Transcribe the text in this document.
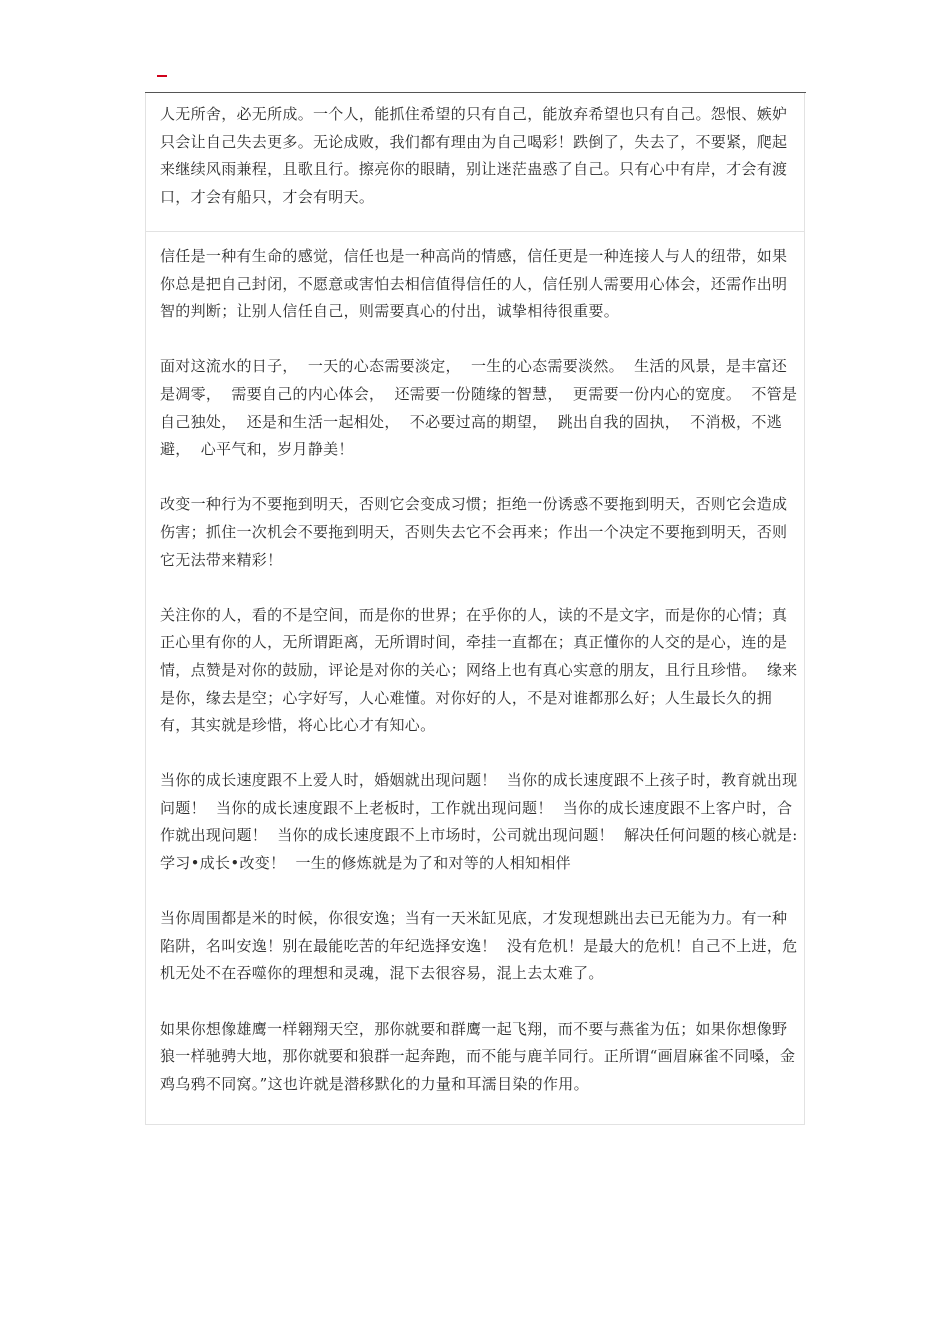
人无所舍，必无所成。一个人，能抓住希望的只有自己，能放弃希望也只有自己。怨恨、嫉妒只会让自己失去更多。无论成败，我们都有理由为自己喝彩！跌倒了，失去了，不要紧，爬起来继续风雨兼程，且歌且行。擦亮你的眼睛，别让迷茫蛊惑了自己。只有心中有岸，才会有渡口，才会有船只，才会有明天。

信任是一种有生命的感觉，信任也是一种高尚的情感，信任更是一种连接人与人的纽带，如果你总是把自己封闭，不愿意或害怕去相信值得信任的人，信任别人需要用心体会，还需作出明智的判断；让别人信任自己，则需要真心的付出，诚挚相待很重要。

面对这流水的日子，  一天的心态需要淡定，  一生的心态需要淡然。  生活的风景，是丰富还是凋零，  需要自己的内心体会，  还需要一份随缘的智慧，  更需要一份内心的宽度。  不管是自己独处，  还是和生活一起相处，  不必要过高的期望，  跳出自我的固执，  不消极，不逃避，  心平气和，岁月静美！

改变一种行为不要拖到明天，否则它会变成习惯；拒绝一份诱惑不要拖到明天，否则它会造成伤害；抓住一次机会不要拖到明天，否则失去它不会再来；作出一个决定不要拖到明天，否则它无法带来精彩！

关注你的人，看的不是空间，而是你的世界；在乎你的人，读的不是文字，而是你的心情；真正心里有你的人，无所谓距离，无所谓时间，牵挂一直都在；真正懂你的人交的是心，连的是情，点赞是对你的鼓励，评论是对你的关心；网络上也有真心实意的朋友，且行且珍惜。  缘来是你，缘去是空；心字好写，人心难懂。对你好的人，不是对谁都那么好；人生最长久的拥有，其实就是珍惜，将心比心才有知心。

当你的成长速度跟不上爱人时，婚姻就出现问题！  当你的成长速度跟不上孩子时，教育就出现问题！  当你的成长速度跟不上老板时，工作就出现问题！  当你的成长速度跟不上客户时，合作就出现问题！  当你的成长速度跟不上市场时，公司就出现问题！  解决任何问题的核心就是:学习•成长•改变！  一生的修炼就是为了和对等的人相知相伴

当你周围都是米的时候，你很安逸；当有一天米缸见底，才发现想跳出去已无能为力。有一种陷阱，名叫安逸！别在最能吃苦的年纪选择安逸！  没有危机！是最大的危机！自己不上进，危机无处不在吞噬你的理想和灵魂，混下去很容易，混上去太难了。

如果你想像雄鹰一样翱翔天空，那你就要和群鹰一起飞翔，而不要与燕雀为伍；如果你想像野狼一样驰骋大地，那你就要和狼群一起奔跑，而不能与鹿羊同行。正所谓“画眉麻雀不同嗓，金鸡乌鸦不同窝。”这也许就是潜移默化的力量和耳濡目染的作用。
